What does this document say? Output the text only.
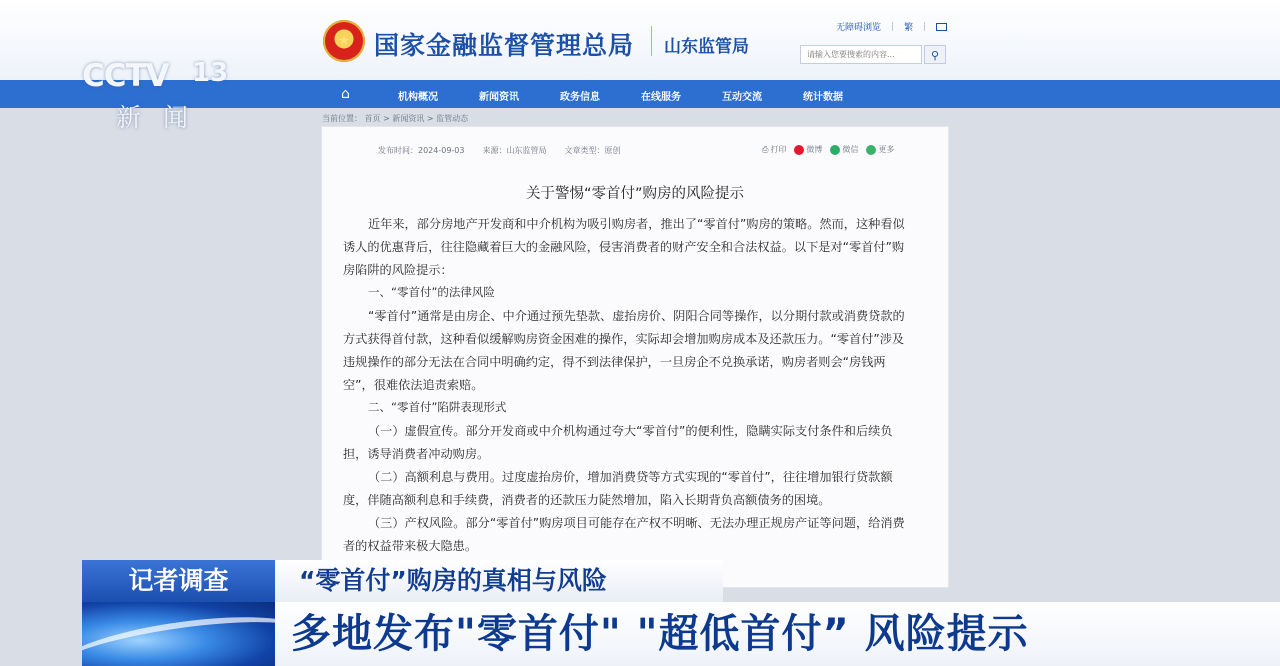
★ 国家金融监督管理总局 山东监管局
无障碍浏览 | 繁 |
请输入您要搜索的内容...
⚲
⌂	机构概况	新闻资讯	政务信息	在线服务	互动交流	统计数据
当前位置： 首页 > 新闻资讯 > 监管动态
发布时间：2024-09-03 来源：山东监管局 文章类型：原创	⎙ 打印	微博	微信	更多
关于警惕“零首付”购房的风险提示
近年来，部分房地产开发商和中介机构为吸引购房者，推出了“零首付”购房的策略。然而，这种看似
诱人的优惠背后，往往隐藏着巨大的金融风险，侵害消费者的财产安全和合法权益。以下是对“零首付”购
房陷阱的风险提示：
一、“零首付”的法律风险
“零首付”通常是由房企、中介通过预先垫款、虚抬房价、阴阳合同等操作，以分期付款或消费贷款的
方式获得首付款，这种看似缓解购房资金困难的操作，实际却会增加购房成本及还款压力。“零首付”涉及
违规操作的部分无法在合同中明确约定，得不到法律保护，一旦房企不兑换承诺，购房者则会“房钱两
空”，很难依法追责索赔。
二、“零首付”陷阱表现形式
（一）虚假宣传。部分开发商或中介机构通过夸大“零首付”的便利性，隐瞒实际支付条件和后续负
担，诱导消费者冲动购房。
（二）高额利息与费用。过度虚抬房价，增加消费贷等方式实现的“零首付”，往往增加银行贷款额
度，伴随高额利息和手续费，消费者的还款压力陡然增加，陷入长期背负高额债务的困境。
（三）产权风险。部分“零首付”购房项目可能存在产权不明晰、无法办理正规房产证等问题，给消费
者的权益带来极大隐患。
CCTV 13
新闻
记者调查	“零首付”购房的真相与风险
多地发布"零首付" "超低首付” 风险提示
